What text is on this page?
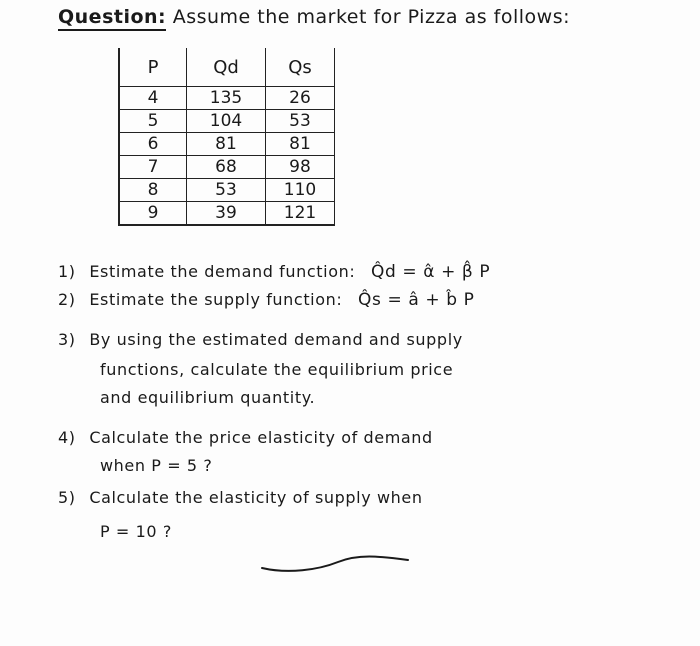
Question: Assume the market for Pizza as follows:
P	Qd	Qs
4	135	26
5	104	53
6	81	81
7	68	98
8	53	110
9	39	121
1) Estimate the demand function: Q̂d = α̂ + β̂ P
2) Estimate the supply function: Q̂s = â + b̂ P
3) By using the estimated demand and supply
functions, calculate the equilibrium price
and equilibrium quantity.
4) Calculate the price elasticity of demand
when P = 5 ?
5) Calculate the elasticity of supply when
P = 10 ?
